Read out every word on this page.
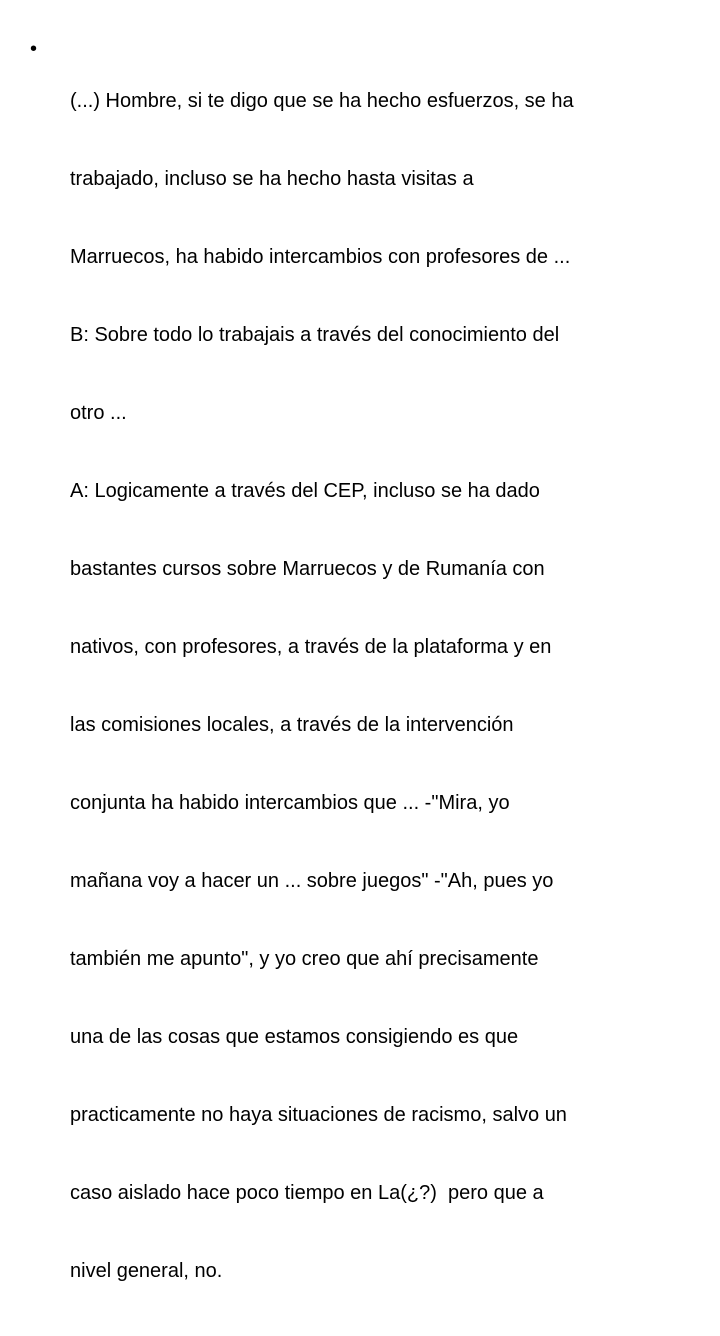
•

(...) Hombre, si te digo que se ha hecho esfuerzos, se ha

trabajado, incluso se ha hecho hasta visitas a

Marruecos, ha habido intercambios con profesores de ...

B: Sobre todo lo trabajais a través del conocimiento del

otro ...

A: Logicamente a través del CEP, incluso se ha dado

bastantes cursos sobre Marruecos y de Rumanía con

nativos, con profesores, a través de la plataforma y en

las comisiones locales, a través de la intervención

conjunta ha habido intercambios que ... -"Mira, yo

mañana voy a hacer un ... sobre juegos" -"Ah, pues yo

también me apunto", y yo creo que ahí precisamente

una de las cosas que estamos consigiendo es que

practicamente no haya situaciones de racismo, salvo un

caso aislado hace poco tiempo en La(¿?)  pero que a

nivel general, no.
